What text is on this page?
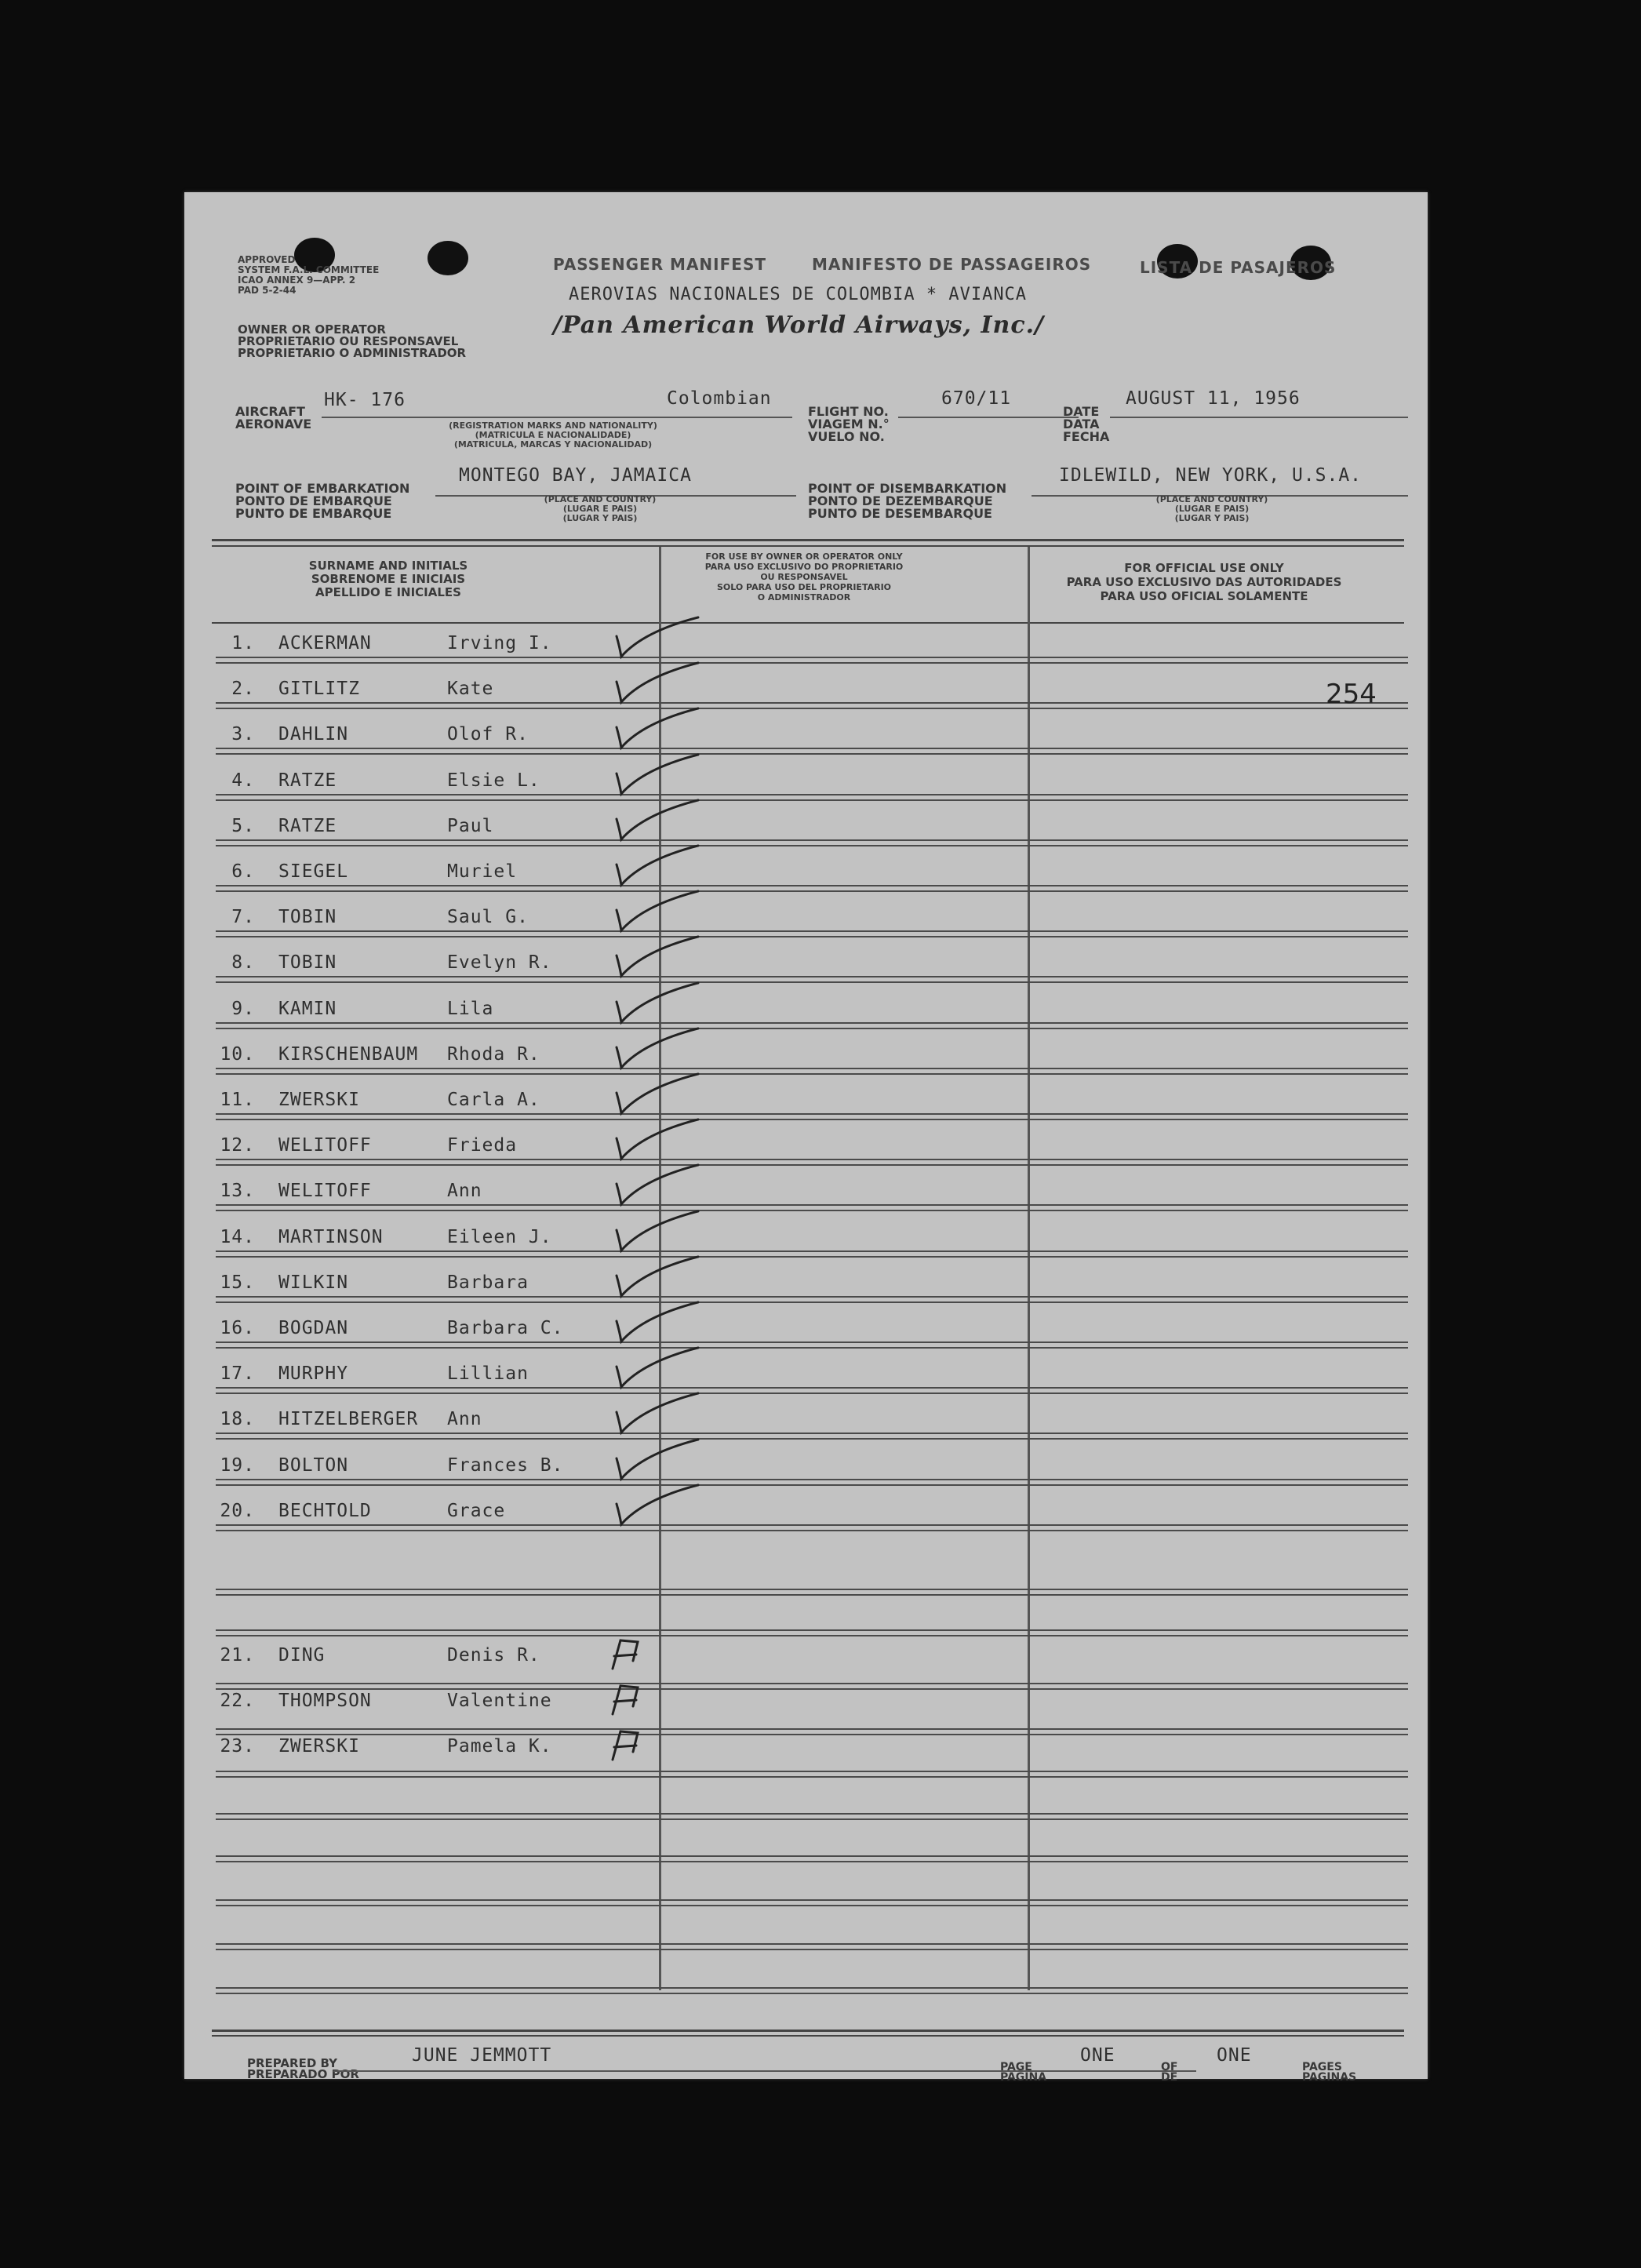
APPROVED
SYSTEM F.A.L. COMMITTEE
ICAO ANNEX 9—APP. 2
PAD 5-2-44
OWNER OR OPERATOR
PROPRIETARIO OU RESPONSAVEL
PROPRIETARIO O ADMINISTRADOR
PASSENGER MANIFEST	MANIFESTO DE PASSAGEIROS	LISTA DE PASAJEROS
AEROVIAS NACIONALES DE COLOMBIA * AVIANCA
/Pan American World Airways, Inc./
AIRCRAFT
AERONAVE
HK- 176	Colombian
(REGISTRATION MARKS AND NATIONALITY)
(MATRICULA E NACIONALIDADE)
(MATRICULA, MARCAS Y NACIONALIDAD)
FLIGHT NO.
VIAGEM N.°
VUELO NO.
670/11
DATE
DATA
FECHA
AUGUST 11, 1956
POINT OF EMBARKATION
PONTO DE EMBARQUE
PUNTO DE EMBARQUE
MONTEGO BAY, JAMAICA
(PLACE AND COUNTRY)
(LUGAR E PAIS)
(LUGAR Y PAIS)
POINT OF DISEMBARKATION
PONTO DE DEZEMBARQUE
PUNTO DE DESEMBARQUE
IDLEWILD, NEW YORK, U.S.A.
(PLACE AND COUNTRY)
(LUGAR E PAIS)
(LUGAR Y PAIS)
SURNAME AND INITIALS
SOBRENOME E INICIAIS
APELLIDO E INICIALES
FOR USE BY OWNER OR OPERATOR ONLY
PARA USO EXCLUSIVO DO PROPRIETARIO
OU RESPONSAVEL
SOLO PARA USO DEL PROPRIETARIO
O ADMINISTRADOR
FOR OFFICIAL USE ONLY
PARA USO EXCLUSIVO DAS AUTORIDADES
PARA USO OFICIAL SOLAMENTE
1. ACKERMAN	Irving I.
2. GITLITZ	Kate
3. DAHLIN	Olof R.
4. RATZE	Elsie L.
5. RATZE	Paul
6. SIEGEL	Muriel
7. TOBIN	Saul G.
8. TOBIN	Evelyn R.
9. KAMIN	Lila
10. KIRSCHENBAUM Rhoda R.
11. ZWERSKI	Carla A.
12. WELITOFF	Frieda
13. WELITOFF	Ann
14. MARTINSON	Eileen J.
15. WILKIN	Barbara
16. BOGDAN	Barbara C.
17. MURPHY	Lillian
18. HITZELBERGER Ann
19. BOLTON	Frances B.
20. BECHTOLD	Grace
21. DING	Denis R.
22. THOMPSON	Valentine
23. ZWERSKI	Pamela K.
254
PREPARED BY
PREPARADO POR
JUNE JEMMOTT
PAGE
PAGINA
ONE
OF
DE
ONE
PAGES
PAGINAS
